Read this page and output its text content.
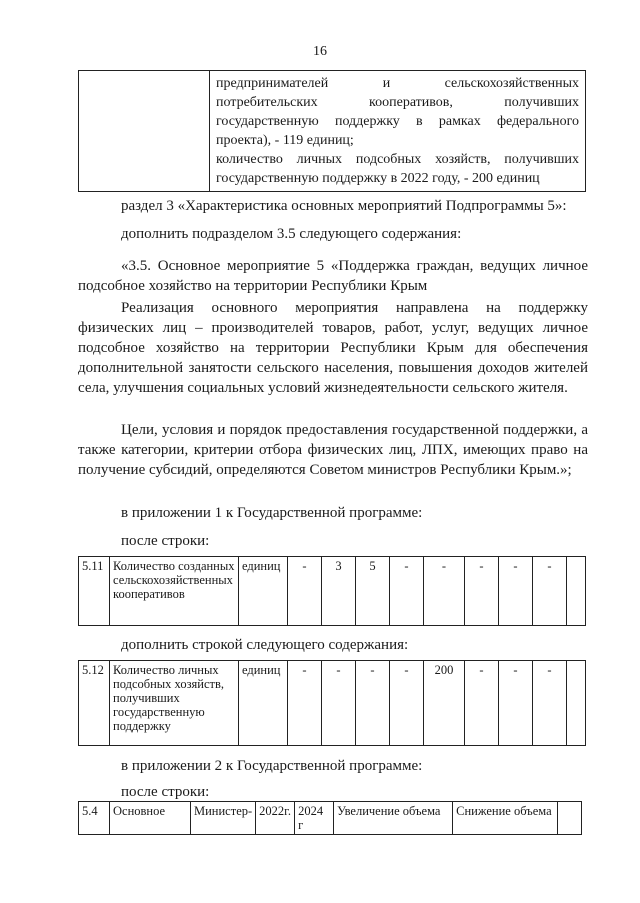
16

предпринимателей и сельскохозяйственных потребительских кооперативов, получивших государственную поддержку в рамках федерального проекта), - 119 единиц;
количество личных подсобных хозяйств, получивших государственную поддержку в 2022 году, - 200 единиц
раздел 3 «Характеристика основных мероприятий Подпрограммы 5»:
дополнить подразделом 3.5 следующего содержания:
«3.5. Основное мероприятие 5 «Поддержка граждан, ведущих личное подсобное хозяйство на территории Республики Крым
Реализация основного мероприятия направлена на поддержку физических лиц – производителей товаров, работ, услуг, ведущих личное подсобное хозяйство на территории Республики Крым для обеспечения дополнительной занятости сельского населения, повышения доходов жителей села, улучшения социальных условий жизнедеятельности сельского жителя.
Цели, условия и порядок предоставления государственной поддержки, а также категории, критерии отбора физических лиц, ЛПХ, имеющих право на получение субсидий, определяются Советом министров Республики Крым.»;
в приложении 1 к Государственной программе:
после строки:
5.11	Количество созданных сельскохозяйственных кооперативов	единиц	-	3	5	-	-	-	-	-	
дополнить строкой следующего содержания:
5.12	Количество личных подсобных хозяйств, получивших государственную поддержку	единиц	-	-	-	-	200	-	-	-	
в приложении 2 к Государственной программе:
после строки:
5.4	Основное	Министер-	2022г.	2024 г	Увеличение объема	Снижение объема	
